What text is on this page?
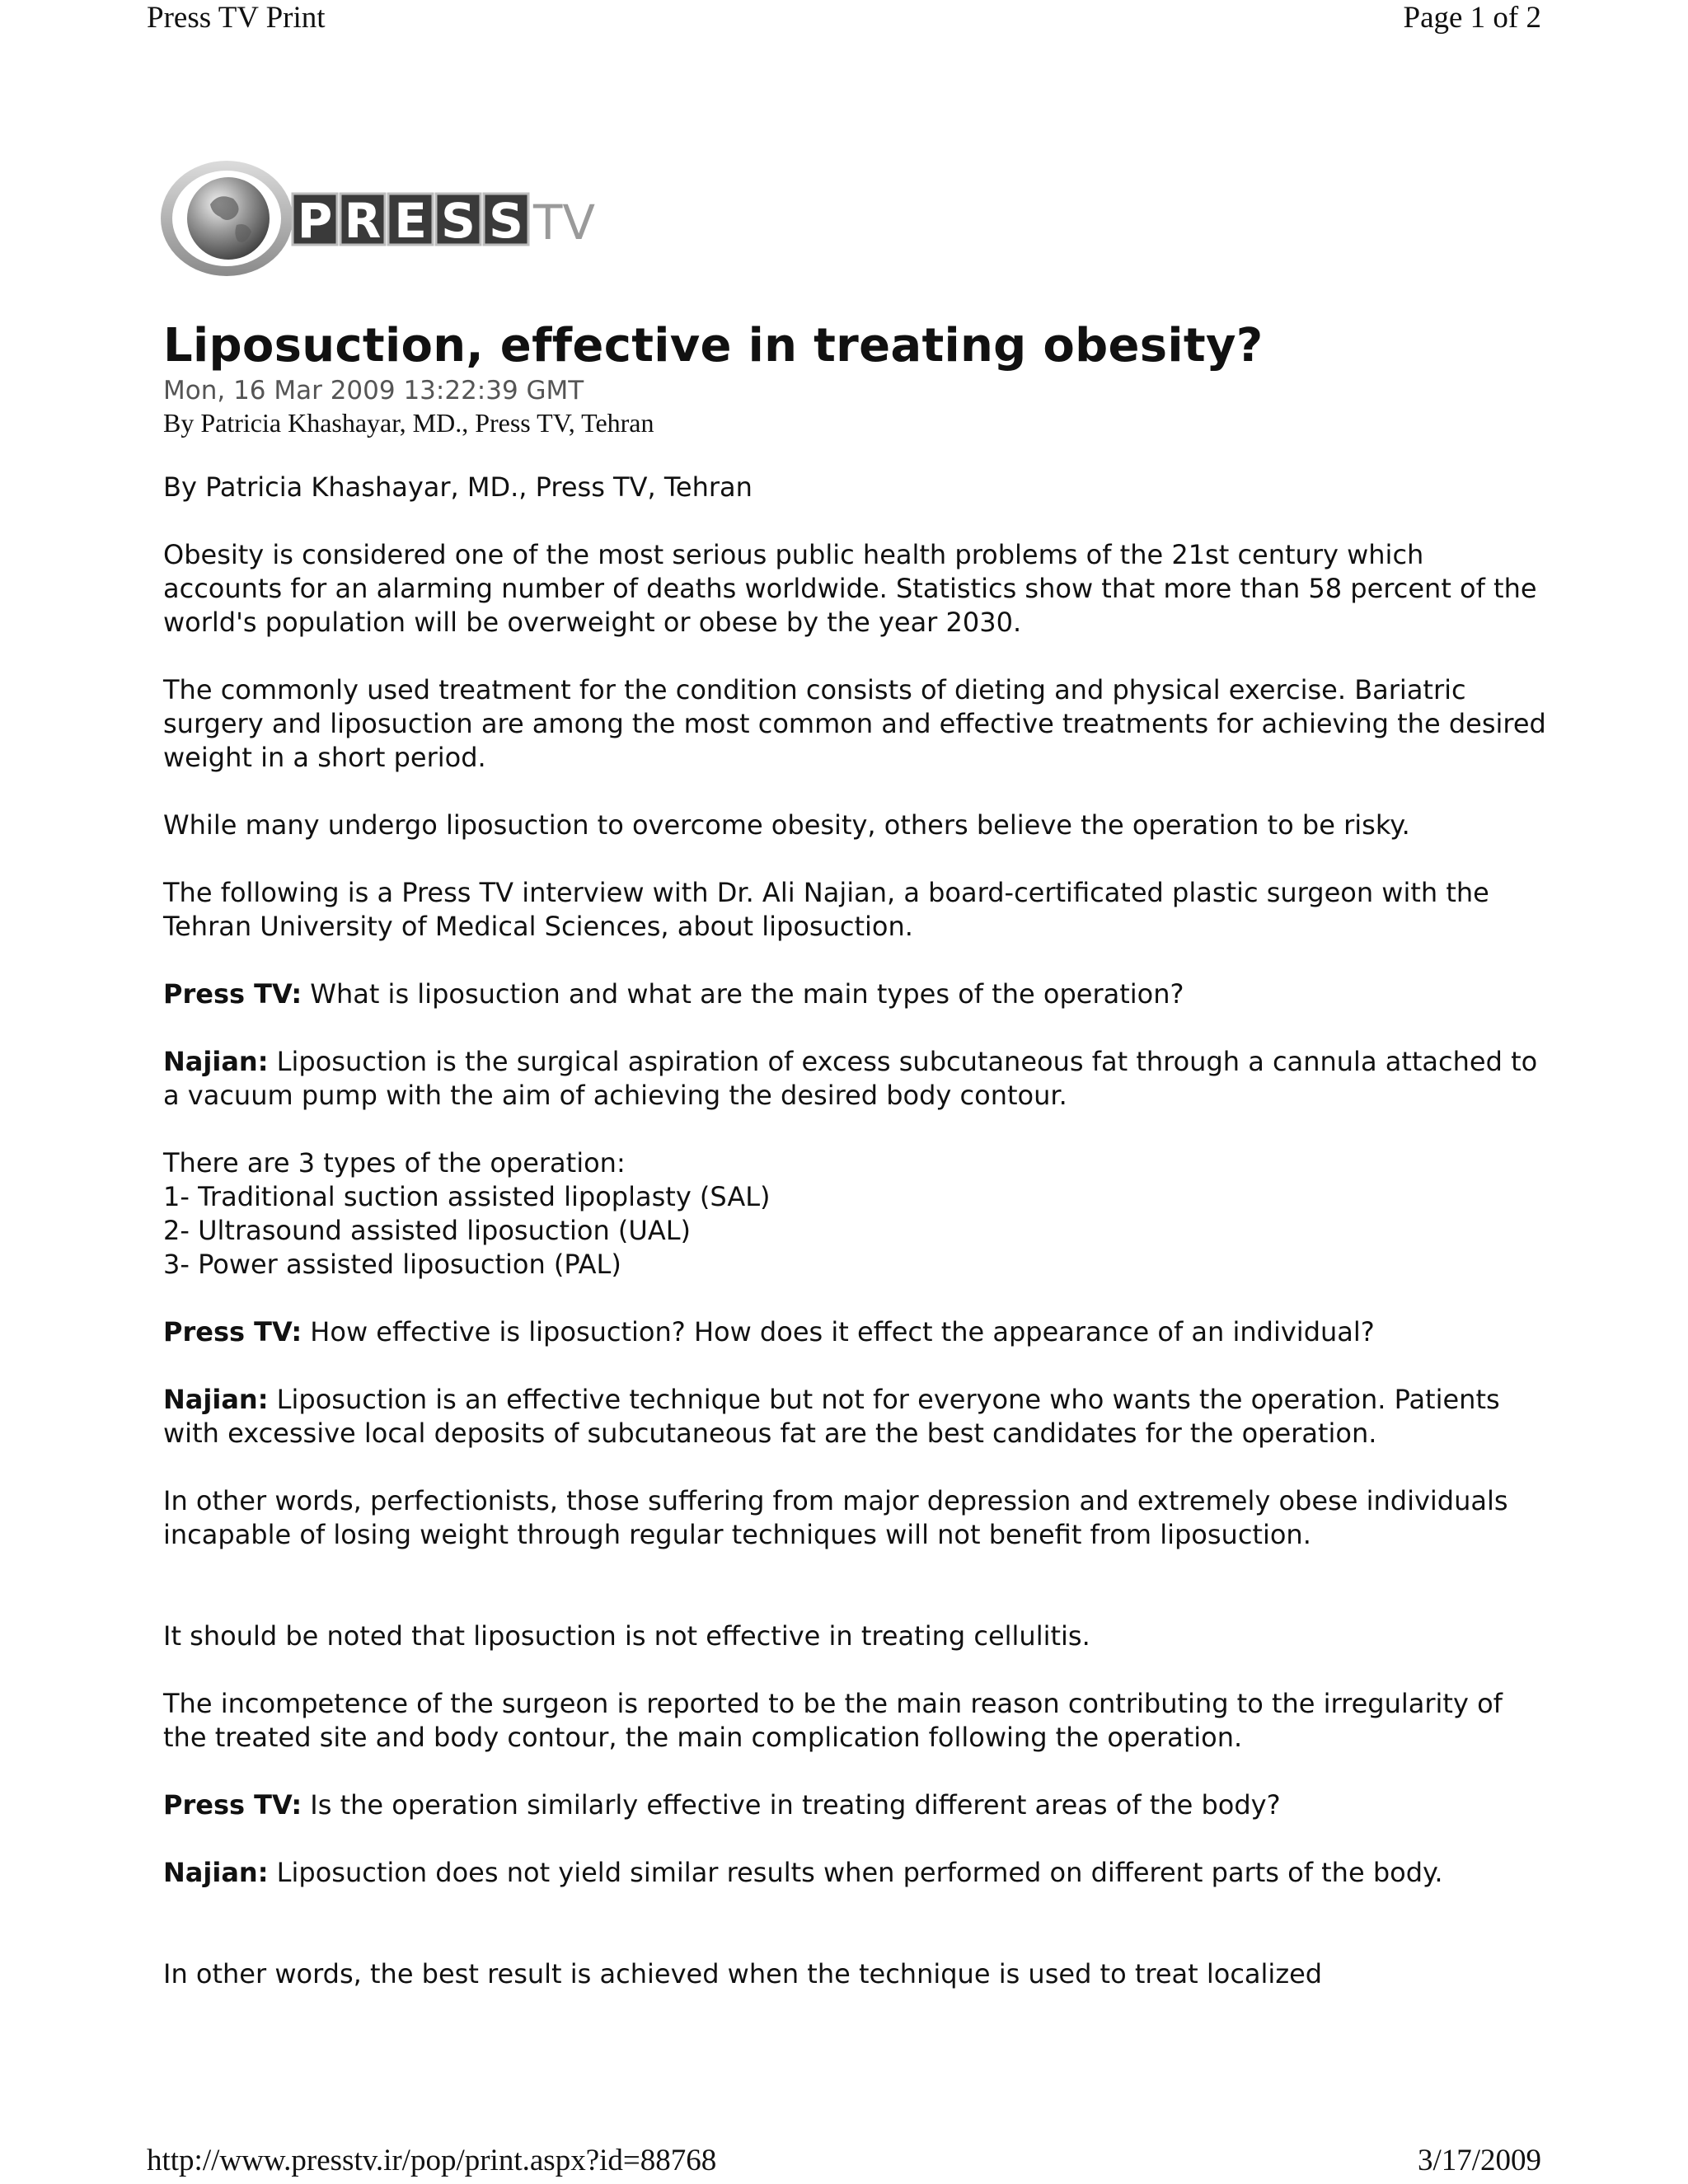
Press TV Print	Page 1 of 2
P R E S S TV
Liposuction, effective in treating obesity?
Mon, 16 Mar 2009 13:22:39 GMT
By Patricia Khashayar, MD., Press TV, Tehran

By Patricia Khashayar, MD., Press TV, Tehran

Obesity is considered one of the most serious public health problems of the 21st century which accounts for an alarming number of deaths worldwide. Statistics show that more than 58 percent of the world's population will be overweight or obese by the year 2030.

The commonly used treatment for the condition consists of dieting and physical exercise. Bariatric surgery and liposuction are among the most common and effective treatments for achieving the desired weight in a short period.

While many undergo liposuction to overcome obesity, others believe the operation to be risky.

The following is a Press TV interview with Dr. Ali Najian, a board-certificated plastic surgeon with the Tehran University of Medical Sciences, about liposuction.

Press TV: What is liposuction and what are the main types of the operation?

Najian: Liposuction is the surgical aspiration of excess subcutaneous fat through a cannula attached to a vacuum pump with the aim of achieving the desired body contour.

There are 3 types of the operation:

1- Traditional suction assisted lipoplasty (SAL)

2- Ultrasound assisted liposuction (UAL)

3- Power assisted liposuction (PAL)

Press TV: How effective is liposuction? How does it effect the appearance of an individual?

Najian: Liposuction is an effective technique but not for everyone who wants the operation. Patients with excessive local deposits of subcutaneous fat are the best candidates for the operation.

In other words, perfectionists, those suffering from major depression and extremely obese individuals incapable of losing weight through regular techniques will not benefit from liposuction.

It should be noted that liposuction is not effective in treating cellulitis.

The incompetence of the surgeon is reported to be the main reason contributing to the irregularity of the treated site and body contour, the main complication following the operation.

Press TV: Is the operation similarly effective in treating different areas of the body?

Najian: Liposuction does not yield similar results when performed on different parts of the body.

In other words, the best result is achieved when the technique is used to treat localized

http://www.presstv.ir/pop/print.aspx?id=88768	3/17/2009
